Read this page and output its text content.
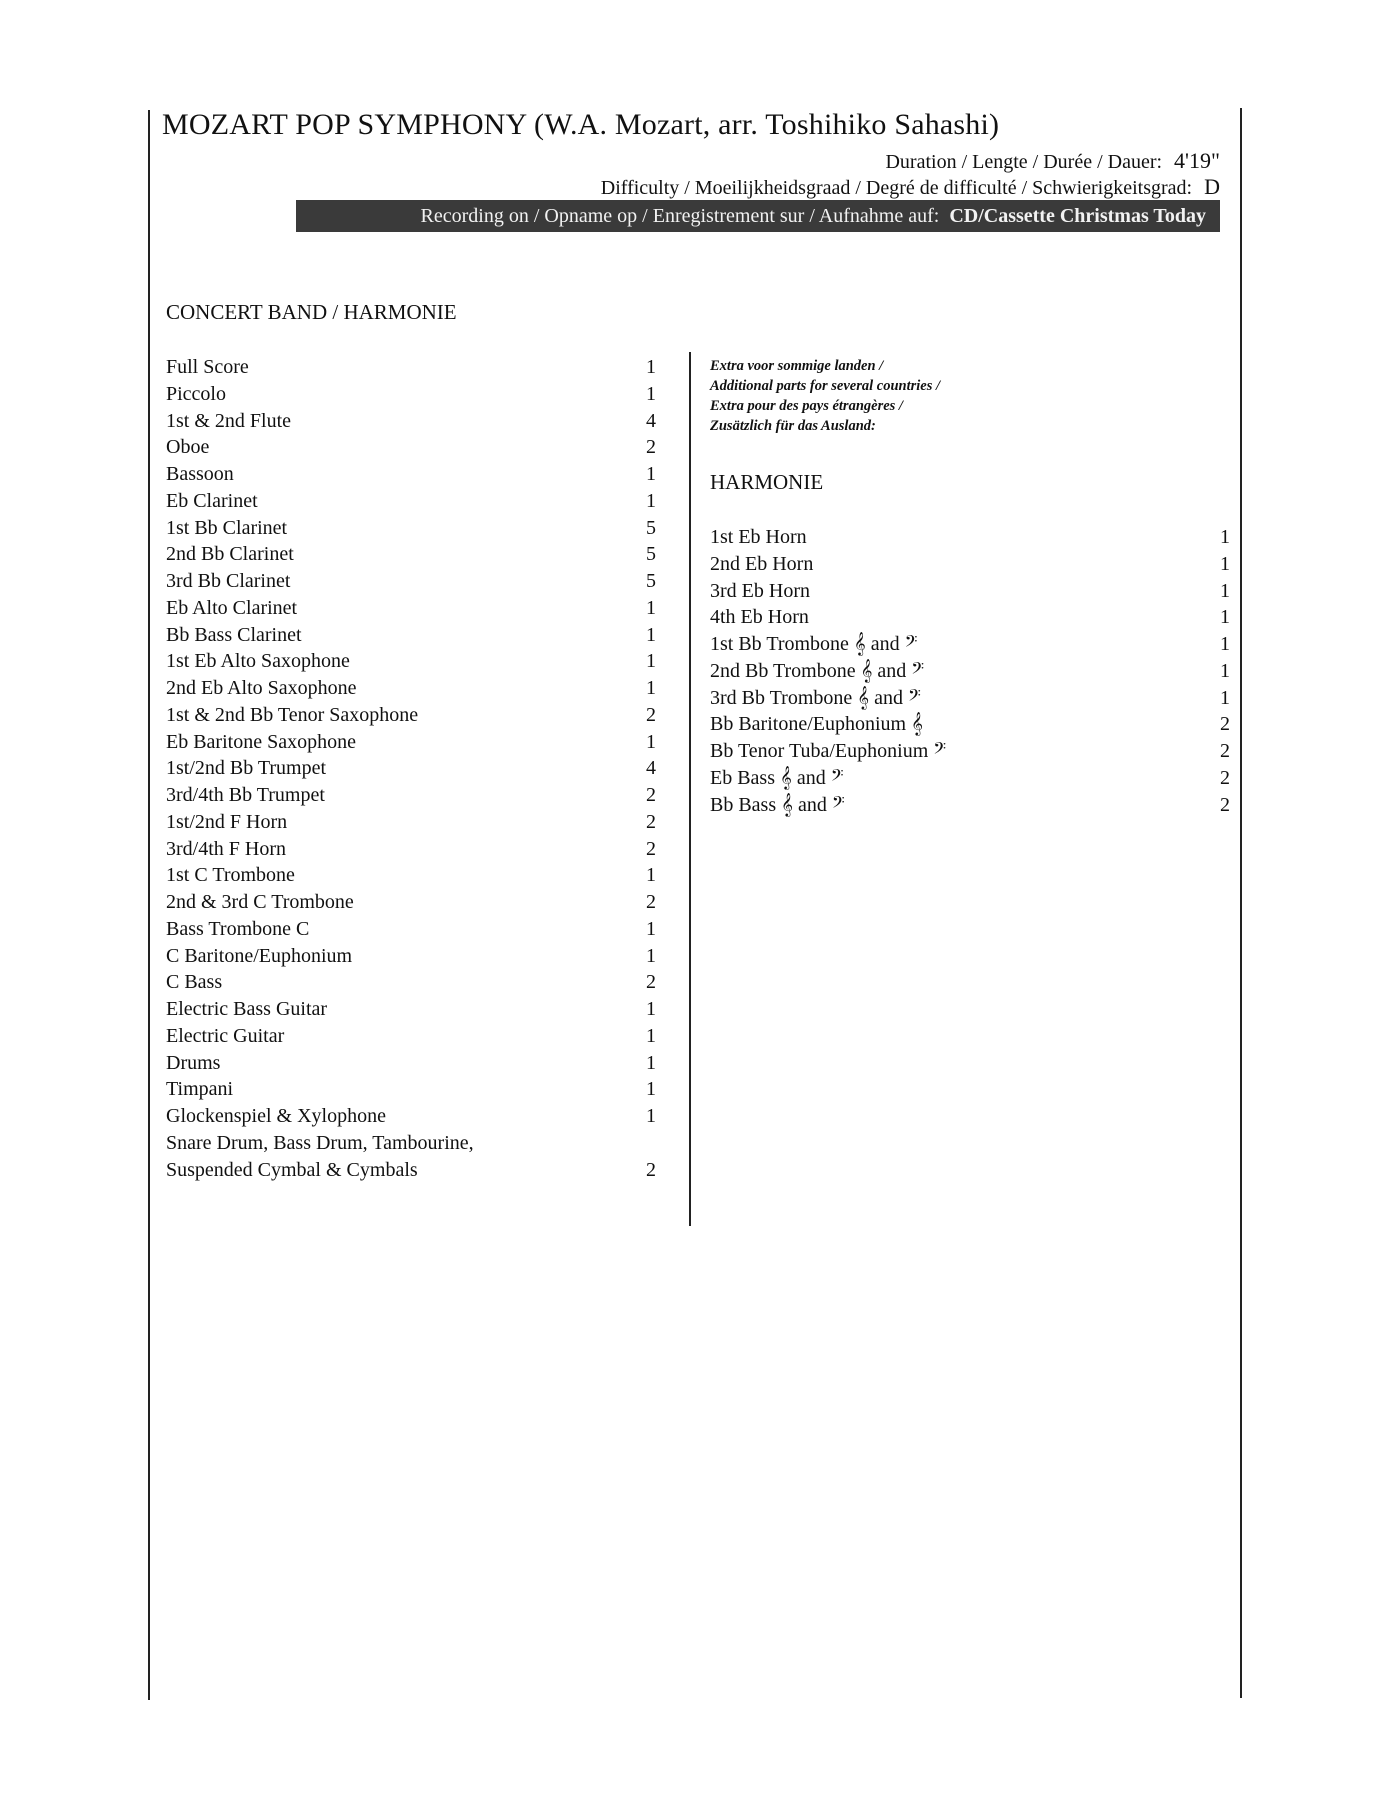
MOZART POP SYMPHONY (W.A. Mozart, arr. Toshihiko Sahashi)
Duration / Lengte / Durée / Dauer: 4'19"
Difficulty / Moeilijkheidsgraad / Degré de difficulté / Schwierigkeitsgrad: D
Recording on / Opname op / Enregistrement sur / Aufnahme auf: CD/Cassette Christmas Today
CONCERT BAND / HARMONIE
Full Score	1
Piccolo	1
1st & 2nd Flute	4
Oboe	2
Bassoon	1
Eb Clarinet	1
1st Bb Clarinet	5
2nd Bb Clarinet	5
3rd Bb Clarinet	5
Eb Alto Clarinet	1
Bb Bass Clarinet	1
1st Eb Alto Saxophone	1
2nd Eb Alto Saxophone	1
1st & 2nd Bb Tenor Saxophone	2
Eb Baritone Saxophone	1
1st/2nd Bb Trumpet	4
3rd/4th Bb Trumpet	2
1st/2nd F Horn	2
3rd/4th F Horn	2
1st C Trombone	1
2nd & 3rd C Trombone	2
Bass Trombone C	1
C Baritone/Euphonium	1
C Bass	2
Electric Bass Guitar	1
Electric Guitar	1
Drums	1
Timpani	1
Glockenspiel & Xylophone	1
Snare Drum, Bass Drum, Tambourine,
Suspended Cymbal & Cymbals	2
Extra voor sommige landen /
Additional parts for several countries /
Extra pour des pays étrangères /
Zusätzlich für das Ausland:
HARMONIE
1st Eb Horn	1
2nd Eb Horn	1
3rd Eb Horn	1
4th Eb Horn	1
1st Bb Trombone 𝄞 and 𝄢	1
2nd Bb Trombone 𝄞 and 𝄢	1
3rd Bb Trombone 𝄞 and 𝄢	1
Bb Baritone/Euphonium 𝄞	2
Bb Tenor Tuba/Euphonium 𝄢	2
Eb Bass 𝄞 and 𝄢	2
Bb Bass 𝄞 and 𝄢	2
